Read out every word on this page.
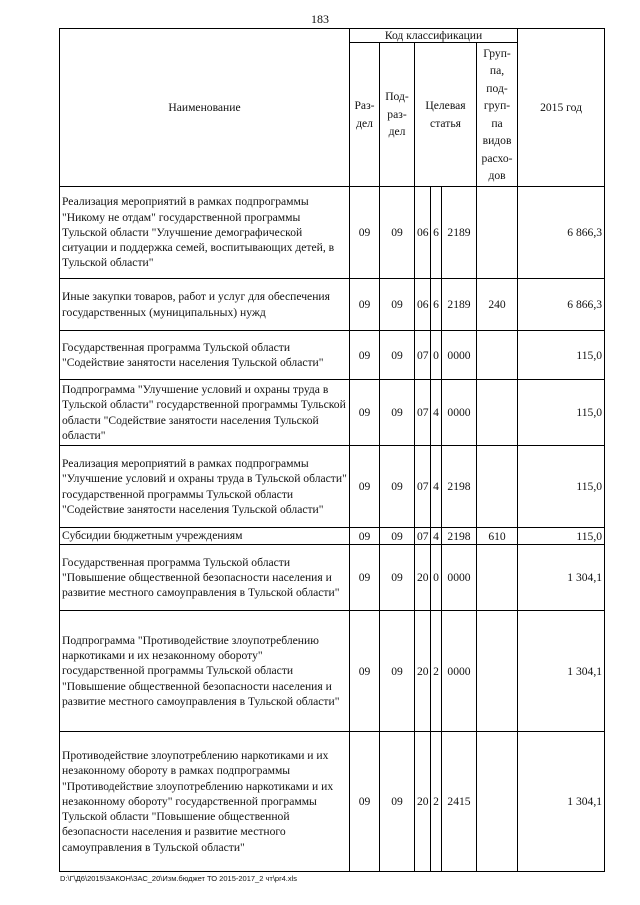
183
Наименование	Код классификации						2015 год
	Раз- дел	Под- раз- дел	Целевая статья			Груп- па, под- груп- па видов расхо- дов	
Реализация мероприятий в рамках подпрограммы "Никому не отдам" государственной программы Тульской области "Улучшение демографической ситуации и поддержка семей, воспитывающих детей, в Тульской области"	09	09	06	6	2189		6 866,3
Иные закупки товаров, работ и услуг для обеспечения государственных (муниципальных) нужд	09	09	06	6	2189	240	6 866,3
Государственная программа Тульской области "Содействие занятости населения Тульской области"	09	09	07	0	0000		115,0
Подпрограмма "Улучшение условий и охраны труда в Тульской области" государственной программы Тульской области "Содействие занятости населения Тульской области"	09	09	07	4	0000		115,0
Реализация мероприятий в рамках подпрограммы "Улучшение условий и охраны труда в Тульской области" государственной программы Тульской области "Содействие занятости населения Тульской области"	09	09	07	4	2198		115,0
Субсидии бюджетным учреждениям	09	09	07	4	2198	610	115,0
Государственная программа Тульской области "Повышение общественной безопасности населения и развитие местного самоуправления в Тульской области"	09	09	20	0	0000		1 304,1
Подпрограмма "Противодействие злоупотреблению наркотиками и их незаконному обороту" государственной программы Тульской области "Повышение общественной безопасности населения и развитие местного самоуправления в Тульской области"	09	09	20	2	0000		1 304,1
Противодействие злоупотреблению наркотиками и их незаконному обороту в рамках подпрограммы "Противодействие злоупотреблению наркотиками и их незаконному обороту" государственной программы Тульской области "Повышение общественной безопасности населения и развитие местного самоуправления в Тульской области"	09	09	20	2	2415		1 304,1
D:\Г\Д6\2015\ЗАКОН\ЗАС_20\Изм.бюджет ТО 2015-2017_2 чт\pr4.xls
